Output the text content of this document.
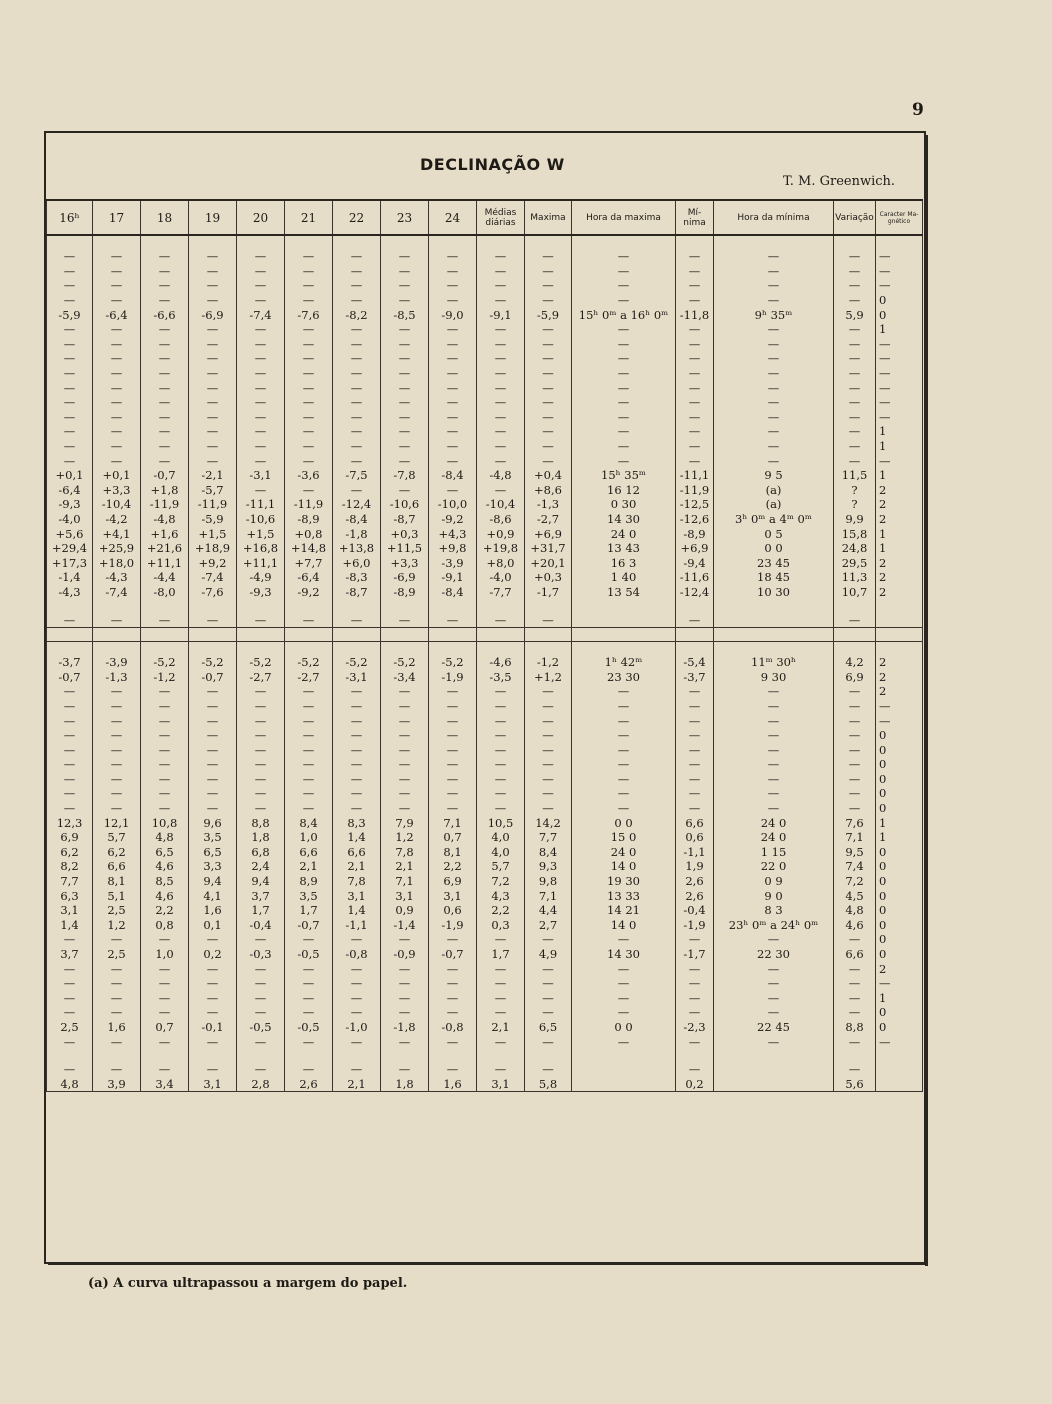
9
DECLINAÇÃO W
T. M. Greenwich.
16ʰ	17	18	19	20	21	22	23	24	Médias diárias	Maxima	Hora da maxima	Mí- nima	Hora da mínima	Variação	Caracter Ma- gnético

—	—	—	—	—	—	—	—	—	—	—	—	—	—	—	—
—	—	—	—	—	—	—	—	—	—	—	—	—	—	—	—
—	—	—	—	—	—	—	—	—	—	—	—	—	—	—	—
—	—	—	—	—	—	—	—	—	—	—	—	—	—	—	0
-5,9	-6,4	-6,6	-6,9	-7,4	-7,6	-8,2	-8,5	-9,0	-9,1	-5,9	15ʰ 0ᵐ a 16ʰ 0ᵐ	-11,8	9ʰ 35ᵐ	5,9	0
—	—	—	—	—	—	—	—	—	—	—	—	—	—	—	1
—	—	—	—	—	—	—	—	—	—	—	—	—	—	—	—
—	—	—	—	—	—	—	—	—	—	—	—	—	—	—	—
—	—	—	—	—	—	—	—	—	—	—	—	—	—	—	—
—	—	—	—	—	—	—	—	—	—	—	—	—	—	—	—
—	—	—	—	—	—	—	—	—	—	—	—	—	—	—	—
—	—	—	—	—	—	—	—	—	—	—	—	—	—	—	—
—	—	—	—	—	—	—	—	—	—	—	—	—	—	—	1
—	—	—	—	—	—	—	—	—	—	—	—	—	—	—	1
—	—	—	—	—	—	—	—	—	—	—	—	—	—	—	—
+0,1	+0,1	-0,7	-2,1	-3,1	-3,6	-7,5	-7,8	-8,4	-4,8	+0,4	15ʰ 35ᵐ	-11,1	9 5	11,5	1
-6,4	+3,3	+1,8	-5,7	—	—	—	—	—	—	+8,6	16 12	-11,9	(a)	?	2
-9,3	-10,4	-11,9	-11,9	-11,1	-11,9	-12,4	-10,6	-10,0	-10,4	-1,3	0 30	-12,5	(a)	?	2
-4,0	-4,2	-4,8	-5,9	-10,6	-8,9	-8,4	-8,7	-9,2	-8,6	-2,7	14 30	-12,6	3ʰ 0ᵐ a 4ᵐ 0ᵐ	9,9	2
+5,6	+4,1	+1,6	+1,5	+1,5	+0,8	-1,8	+0,3	+4,3	+0,9	+6,9	24 0	-8,9	0 5	15,8	1
+29,4	+25,9	+21,6	+18,9	+16,8	+14,8	+13,8	+11,5	+9,8	+19,8	+31,7	13 43	+6,9	0 0	24,8	1
+17,3	+18,0	+11,1	+9,2	+11,1	+7,7	+6,0	+3,3	-3,9	+8,0	+20,1	16 3	-9,4	23 45	29,5	2
-1,4	-4,3	-4,4	-7,4	-4,9	-6,4	-8,3	-6,9	-9,1	-4,0	+0,3	1 40	-11,6	18 45	11,3	2
-4,3	-7,4	-8,0	-7,6	-9,3	-9,2	-8,7	-8,9	-8,4	-7,7	-1,7	13 54	-12,4	10 30	10,7	2

—	—	—	—	—	—	—	—	—	—	—		—		—	

-3,7	-3,9	-5,2	-5,2	-5,2	-5,2	-5,2	-5,2	-5,2	-4,6	-1,2	1ʰ 42ᵐ	-5,4	11ᵐ 30ʰ	4,2	2
-0,7	-1,3	-1,2	-0,7	-2,7	-2,7	-3,1	-3,4	-1,9	-3,5	+1,2	23 30	-3,7	9 30	6,9	2
—	—	—	—	—	—	—	—	—	—	—	—	—	—	—	2
—	—	—	—	—	—	—	—	—	—	—	—	—	—	—	—
—	—	—	—	—	—	—	—	—	—	—	—	—	—	—	—
—	—	—	—	—	—	—	—	—	—	—	—	—	—	—	0
—	—	—	—	—	—	—	—	—	—	—	—	—	—	—	0
—	—	—	—	—	—	—	—	—	—	—	—	—	—	—	0
—	—	—	—	—	—	—	—	—	—	—	—	—	—	—	0
—	—	—	—	—	—	—	—	—	—	—	—	—	—	—	0
—	—	—	—	—	—	—	—	—	—	—	—	—	—	—	0
12,3	12,1	10,8	9,6	8,8	8,4	8,3	7,9	7,1	10,5	14,2	0 0	6,6	24 0	7,6	1
6,9	5,7	4,8	3,5	1,8	1,0	1,4	1,2	0,7	4,0	7,7	15 0	0,6	24 0	7,1	1
6,2	6,2	6,5	6,5	6,8	6,6	6,6	7,8	8,1	4,0	8,4	24 0	-1,1	1 15	9,5	0
8,2	6,6	4,6	3,3	2,4	2,1	2,1	2,1	2,2	5,7	9,3	14 0	1,9	22 0	7,4	0
7,7	8,1	8,5	9,4	9,4	8,9	7,8	7,1	6,9	7,2	9,8	19 30	2,6	0 9	7,2	0
6,3	5,1	4,6	4,1	3,7	3,5	3,1	3,1	3,1	4,3	7,1	13 33	2,6	9 0	4,5	0
3,1	2,5	2,2	1,6	1,7	1,7	1,4	0,9	0,6	2,2	4,4	14 21	-0,4	8 3	4,8	0
1,4	1,2	0,8	0,1	-0,4	-0,7	-1,1	-1,4	-1,9	0,3	2,7	14 0	-1,9	23ʰ 0ᵐ a 24ʰ 0ᵐ	4,6	0
—	—	—	—	—	—	—	—	—	—	—	—	—	—	—	0
3,7	2,5	1,0	0,2	-0,3	-0,5	-0,8	-0,9	-0,7	1,7	4,9	14 30	-1,7	22 30	6,6	0
—	—	—	—	—	—	—	—	—	—	—	—	—	—	—	2
—	—	—	—	—	—	—	—	—	—	—	—	—	—	—	—
—	—	—	—	—	—	—	—	—	—	—	—	—	—	—	1
—	—	—	—	—	—	—	—	—	—	—	—	—	—	—	0
2,5	1,6	0,7	-0,1	-0,5	-0,5	-1,0	-1,8	-0,8	2,1	6,5	0 0	-2,3	22 45	8,8	0
—	—	—	—	—	—	—	—	—	—	—	—	—	—	—	—

—	—	—	—	—	—	—	—	—	—	—		—		—	
4,8	3,9	3,4	3,1	2,8	2,6	2,1	1,8	1,6	3,1	5,8		0,2		5,6	
(a) A curva ultrapassou a margem do papel.
